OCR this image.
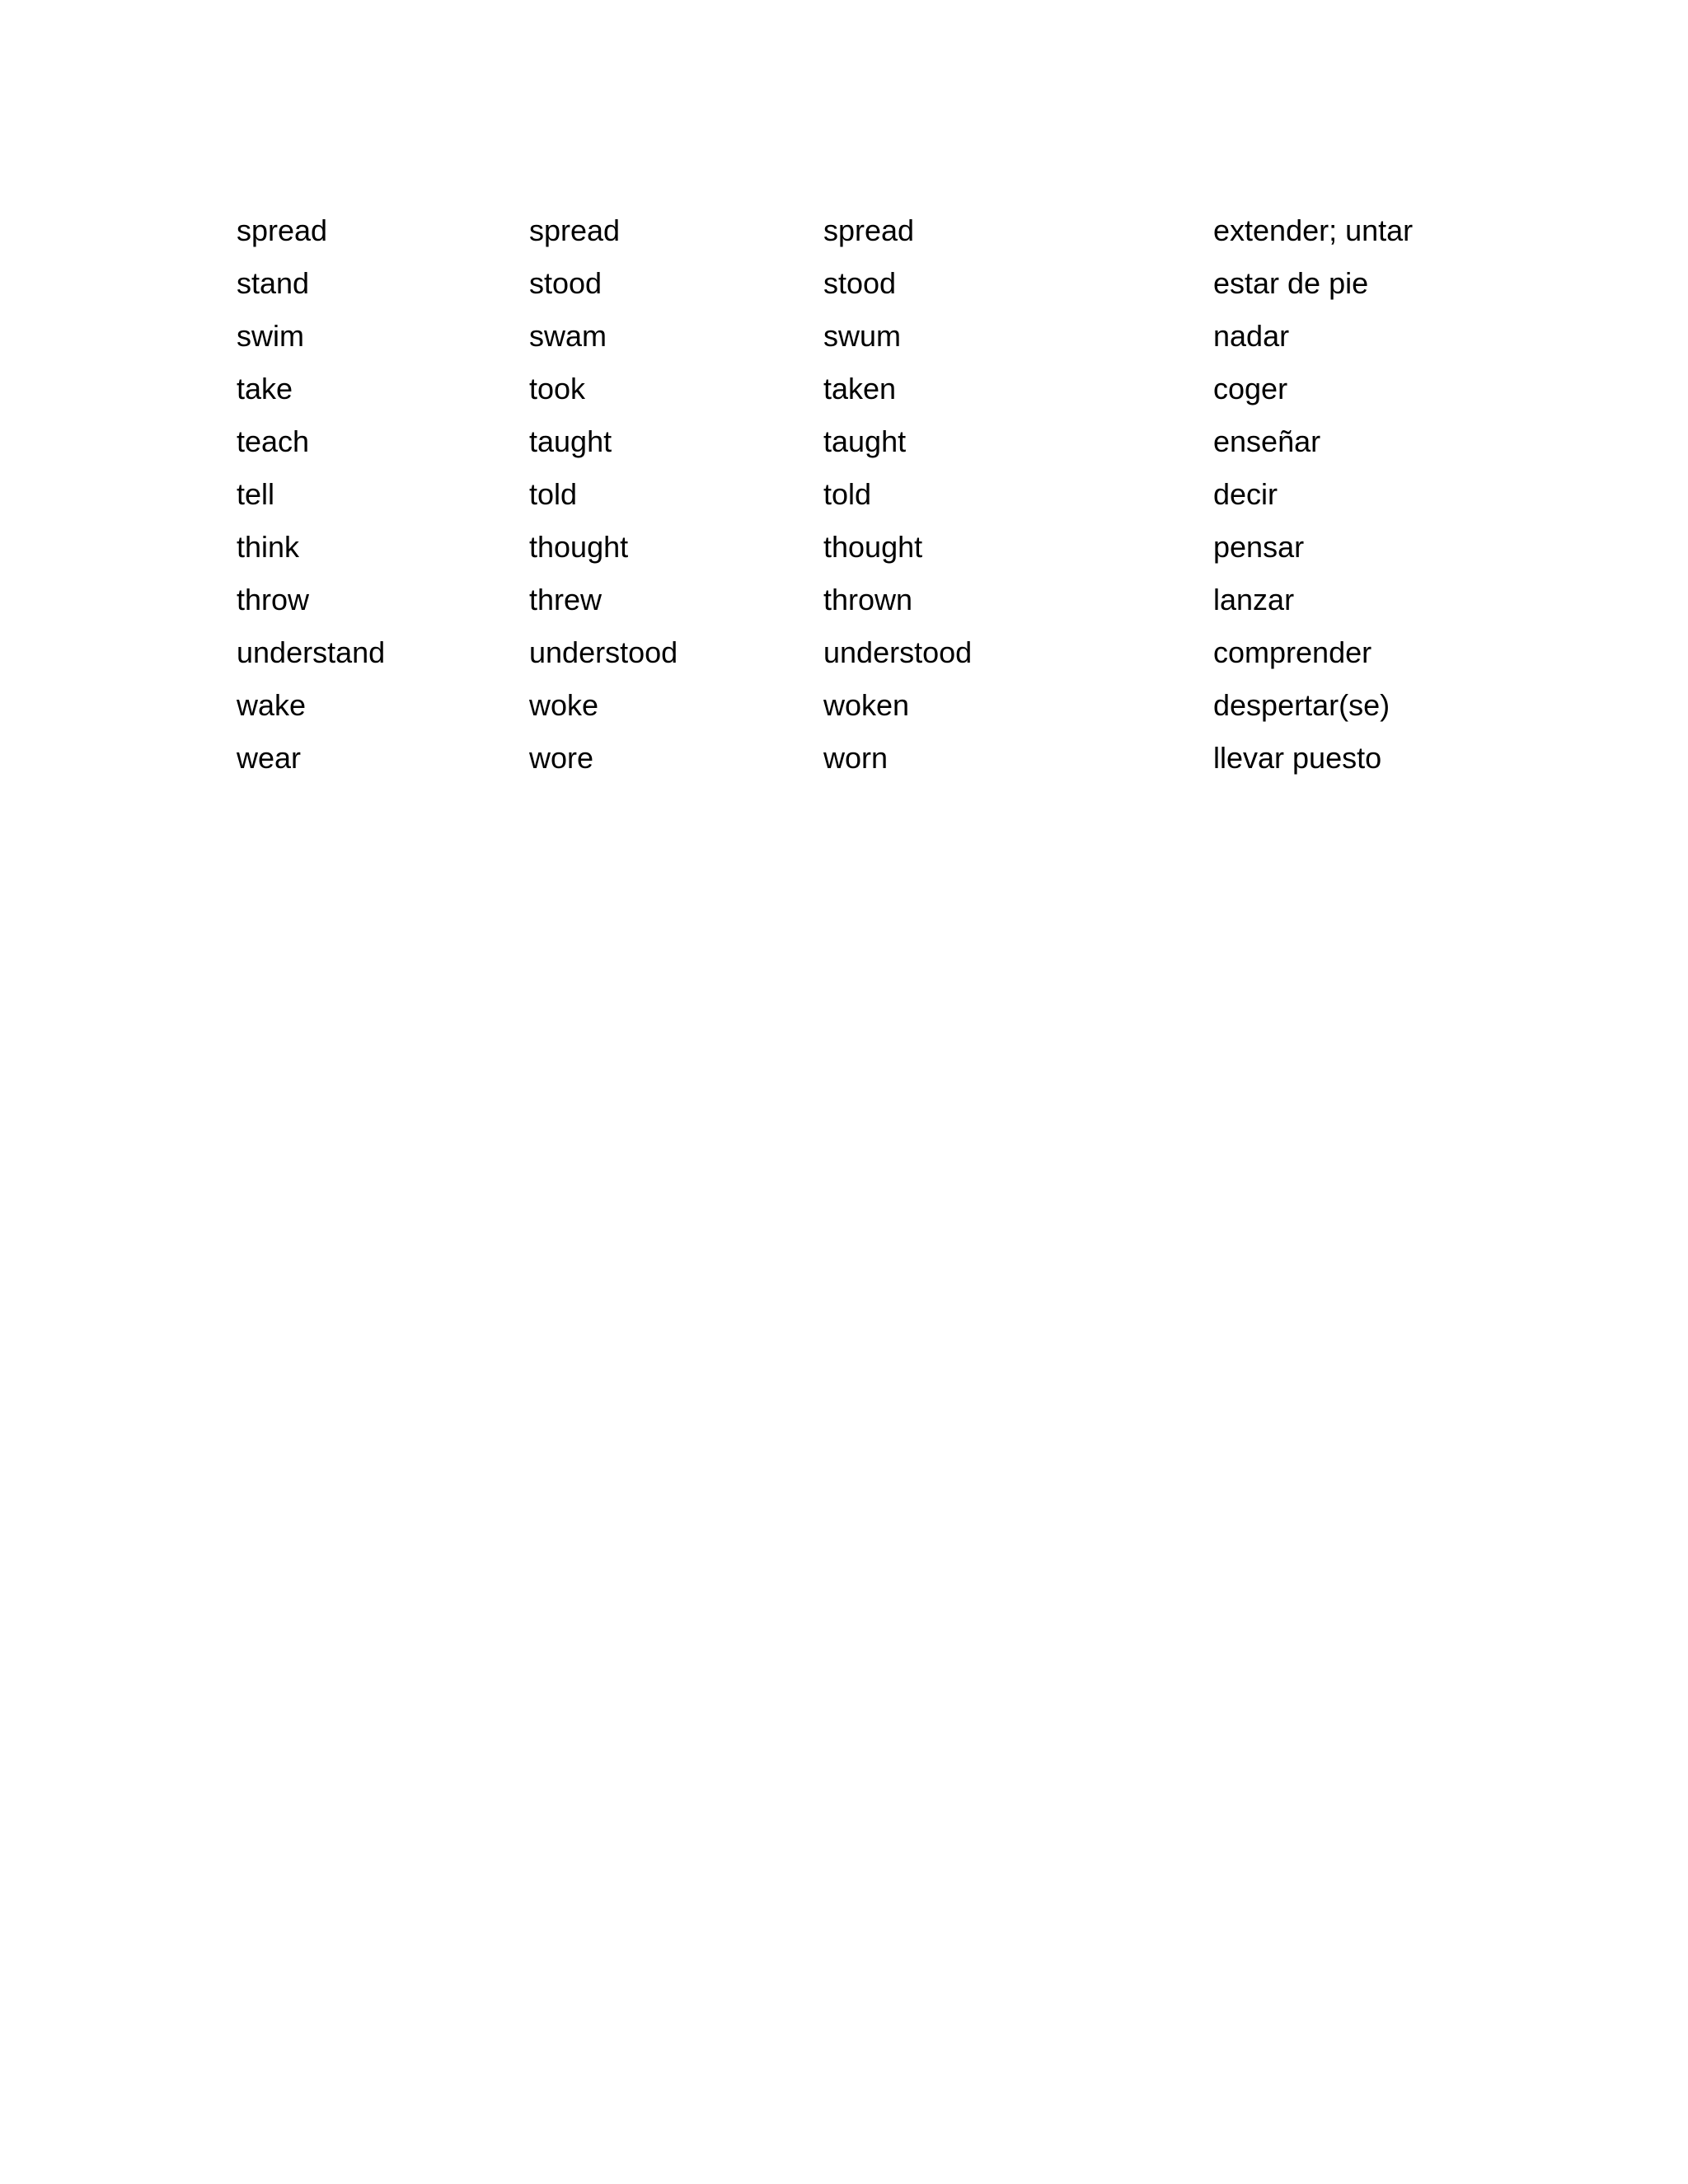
spread	spread	spread	extender; untar
stand	stood	stood	estar de pie
swim	swam	swum	nadar
take	took	taken	coger
teach	taught	taught	enseñar
tell	told	told	decir
think	thought	thought	pensar
throw	threw	thrown	lanzar
understand	understood	understood	comprender
wake	woke	woken	despertar(se)
wear	wore	worn	llevar puesto
